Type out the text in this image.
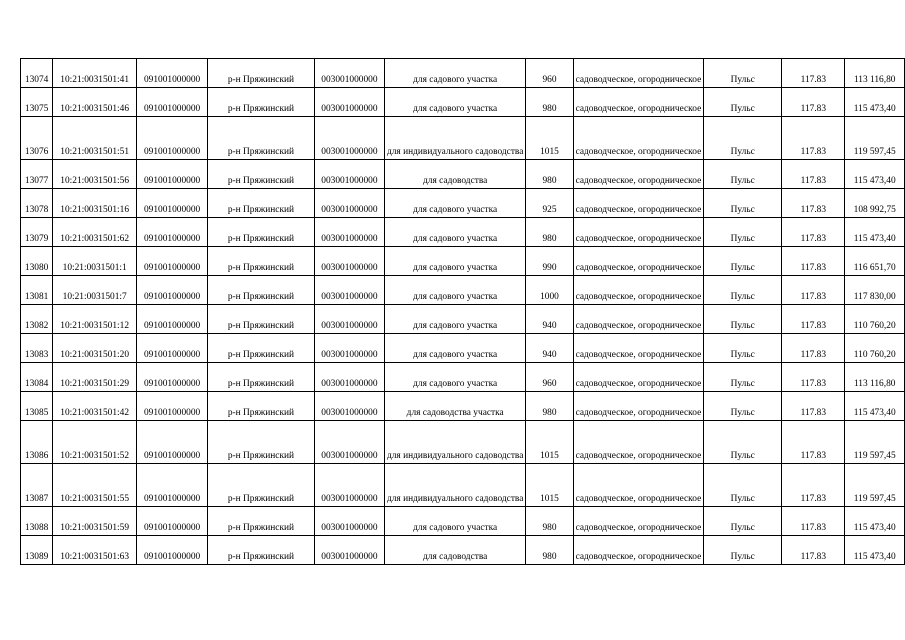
13074	10:21:0031501:41	091001000000	р-н Пряжинский	003001000000	для садового участка	960	садоводческое, огородническое	Пульс	117.83	113 116,80
13075	10:21:0031501:46	091001000000	р-н Пряжинский	003001000000	для садового участка	980	садоводческое, огородническое	Пульс	117.83	115 473,40
13076	10:21:0031501:51	091001000000	р-н Пряжинский	003001000000	для индивидуального садоводства	1015	садоводческое, огородническое	Пульс	117.83	119 597,45
13077	10:21:0031501:56	091001000000	р-н Пряжинский	003001000000	для садоводства	980	садоводческое, огородническое	Пульс	117.83	115 473,40
13078	10:21:0031501:16	091001000000	р-н Пряжинский	003001000000	для садового участка	925	садоводческое, огородническое	Пульс	117.83	108 992,75
13079	10:21:0031501:62	091001000000	р-н Пряжинский	003001000000	для садового участка	980	садоводческое, огородническое	Пульс	117.83	115 473,40
13080	10:21:0031501:1	091001000000	р-н Пряжинский	003001000000	для садового участка	990	садоводческое, огородническое	Пульс	117.83	116 651,70
13081	10:21:0031501:7	091001000000	р-н Пряжинский	003001000000	для садового участка	1000	садоводческое, огородническое	Пульс	117.83	117 830,00
13082	10:21:0031501:12	091001000000	р-н Пряжинский	003001000000	для садового участка	940	садоводческое, огородническое	Пульс	117.83	110 760,20
13083	10:21:0031501:20	091001000000	р-н Пряжинский	003001000000	для садового участка	940	садоводческое, огородническое	Пульс	117.83	110 760,20
13084	10:21:0031501:29	091001000000	р-н Пряжинский	003001000000	для садового участка	960	садоводческое, огородническое	Пульс	117.83	113 116,80
13085	10:21:0031501:42	091001000000	р-н Пряжинский	003001000000	для садоводства участка	980	садоводческое, огородническое	Пульс	117.83	115 473,40
13086	10:21:0031501:52	091001000000	р-н Пряжинский	003001000000	для индивидуального садоводства	1015	садоводческое, огородническое	Пульс	117.83	119 597,45
13087	10:21:0031501:55	091001000000	р-н Пряжинский	003001000000	для индивидуального садоводства	1015	садоводческое, огородническое	Пульс	117.83	119 597,45
13088	10:21:0031501:59	091001000000	р-н Пряжинский	003001000000	для садового участка	980	садоводческое, огородническое	Пульс	117.83	115 473,40
13089	10:21:0031501:63	091001000000	р-н Пряжинский	003001000000	для садоводства	980	садоводческое, огородническое	Пульс	117.83	115 473,40
